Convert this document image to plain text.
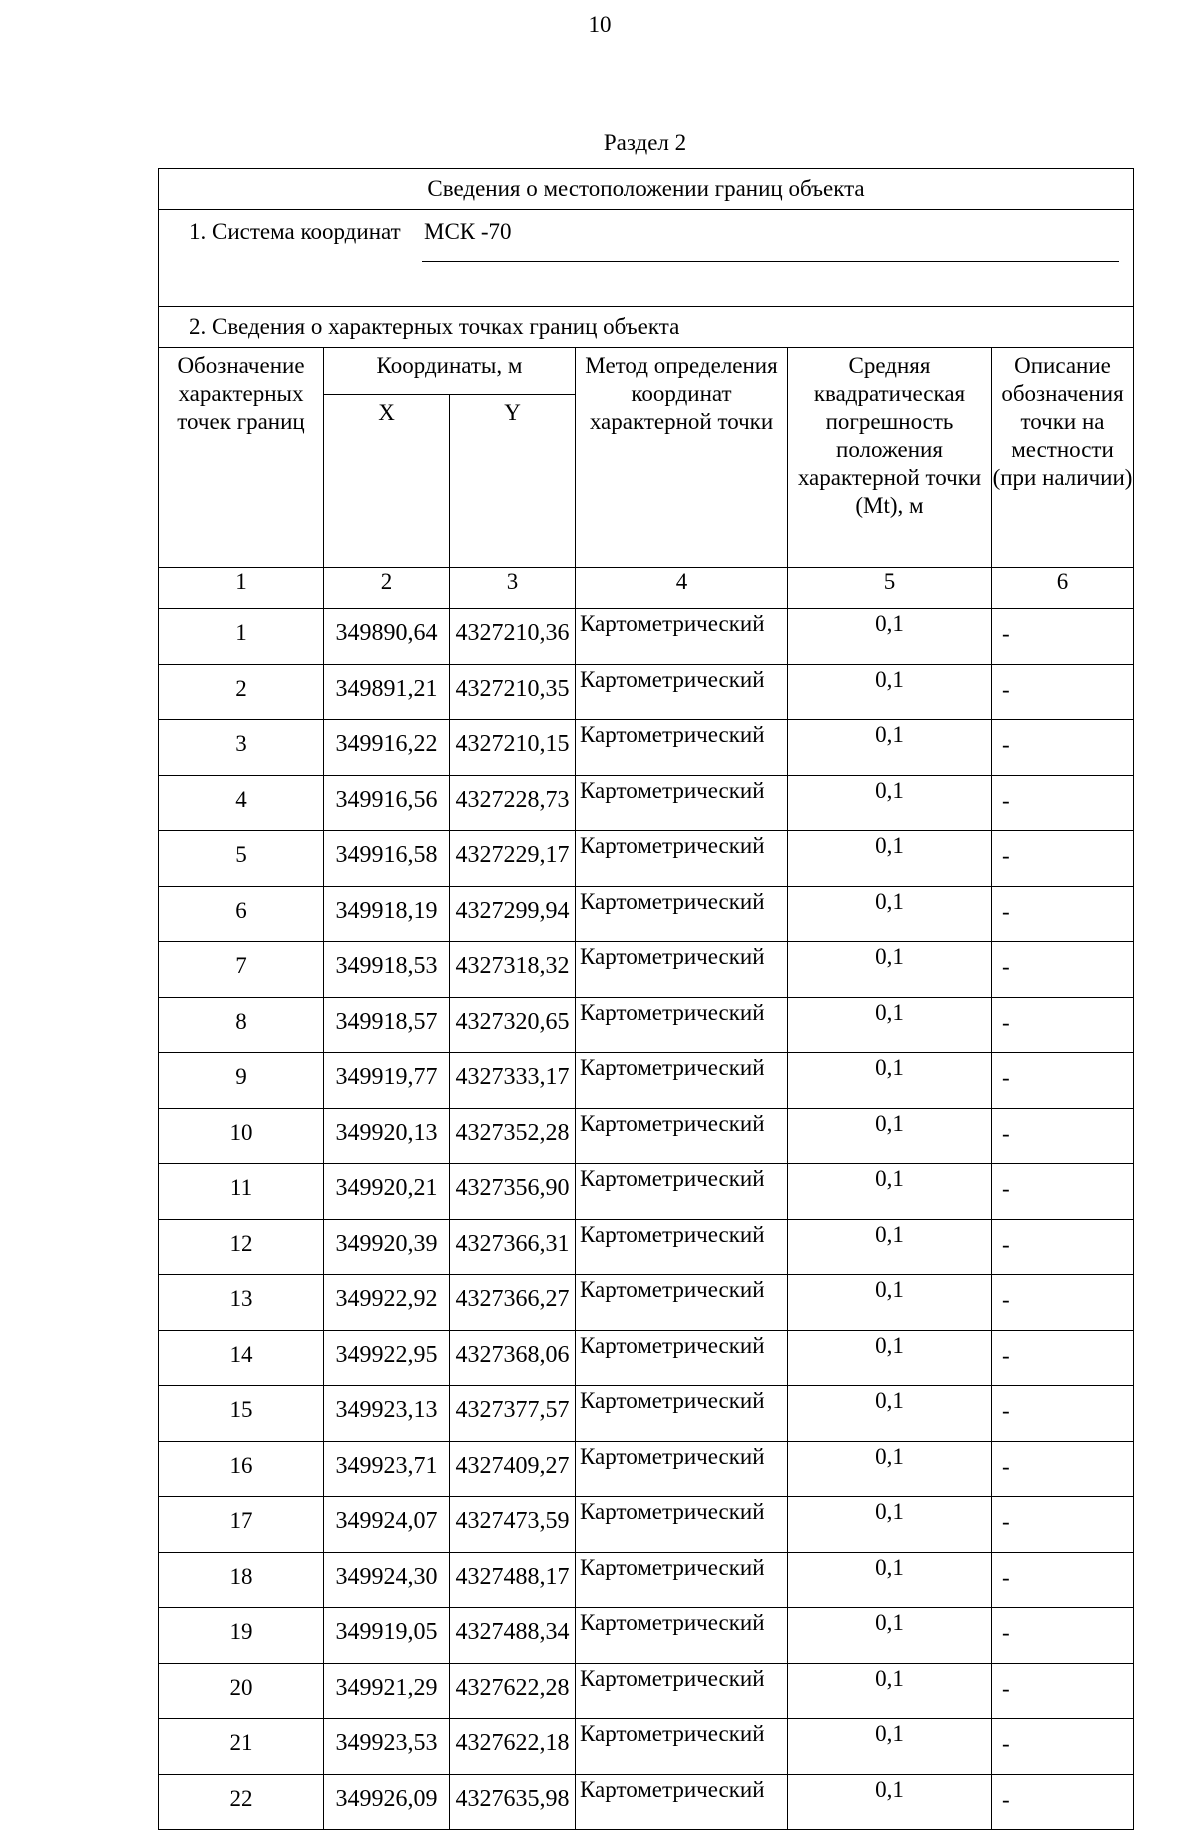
10
Раздел 2
Сведения о местоположении границ объекта					

1. Система координат МСК -70					

2. Сведения о характерных точках границ объекта					
Обозначение характерных точек границ	Координаты, м		Метод определения координат характерной точки	Средняя квадратическая погрешность положения характерной точки (Mt), м	Описание обозначения точки на местности (при наличии)
	X	Y			
1	2	3	4	5	6
1	349890,64	4327210,36	Картометрический	0,1	-
2	349891,21	4327210,35	Картометрический	0,1	-
3	349916,22	4327210,15	Картометрический	0,1	-
4	349916,56	4327228,73	Картометрический	0,1	-
5	349916,58	4327229,17	Картометрический	0,1	-
6	349918,19	4327299,94	Картометрический	0,1	-
7	349918,53	4327318,32	Картометрический	0,1	-
8	349918,57	4327320,65	Картометрический	0,1	-
9	349919,77	4327333,17	Картометрический	0,1	-
10	349920,13	4327352,28	Картометрический	0,1	-
11	349920,21	4327356,90	Картометрический	0,1	-
12	349920,39	4327366,31	Картометрический	0,1	-
13	349922,92	4327366,27	Картометрический	0,1	-
14	349922,95	4327368,06	Картометрический	0,1	-
15	349923,13	4327377,57	Картометрический	0,1	-
16	349923,71	4327409,27	Картометрический	0,1	-
17	349924,07	4327473,59	Картометрический	0,1	-
18	349924,30	4327488,17	Картометрический	0,1	-
19	349919,05	4327488,34	Картометрический	0,1	-
20	349921,29	4327622,28	Картометрический	0,1	-
21	349923,53	4327622,18	Картометрический	0,1	-
22	349926,09	4327635,98	Картометрический	0,1	-
